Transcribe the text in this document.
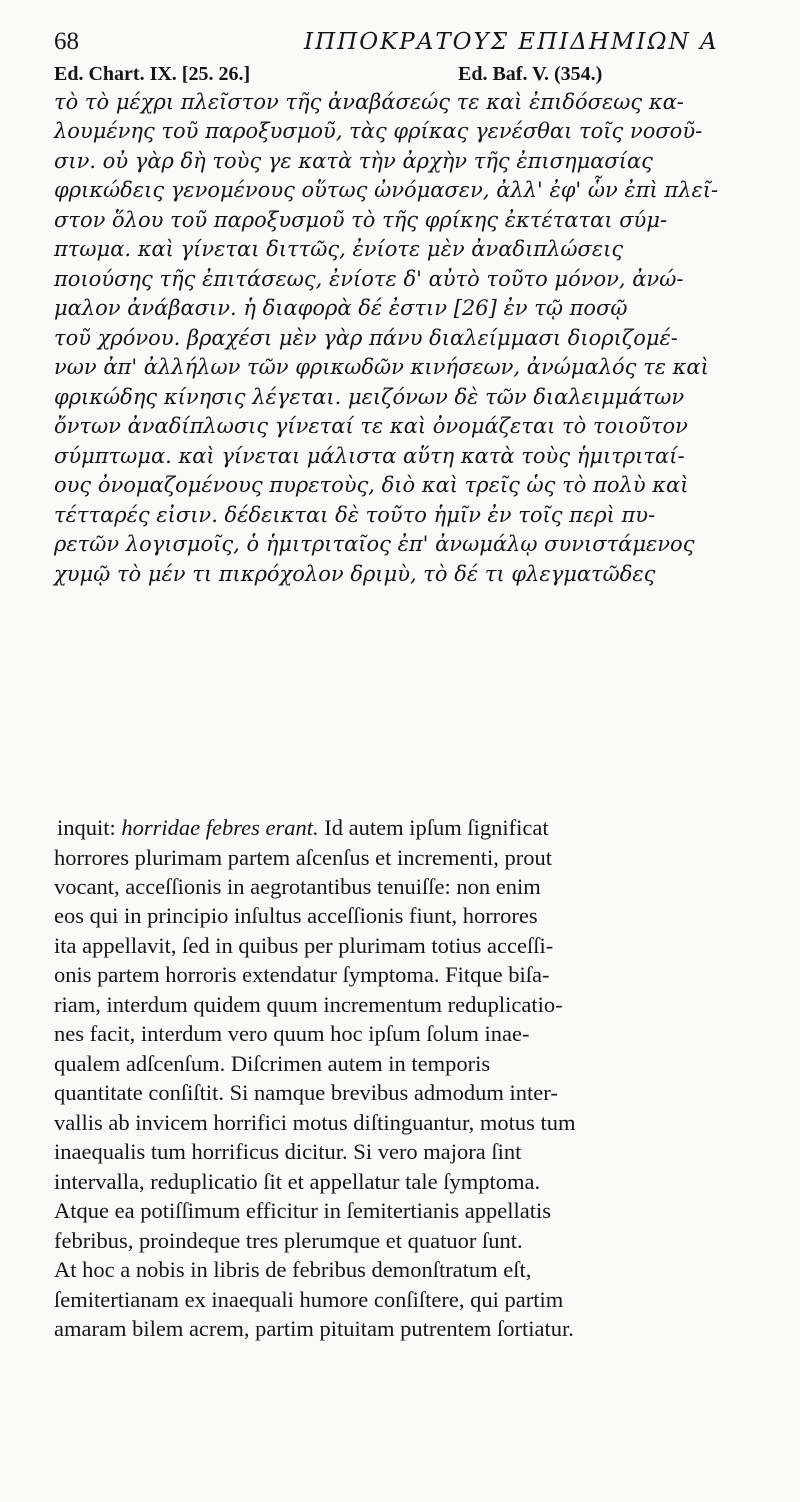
68	ΙΠΠΟΚΡΑΤΟΥΣ ΕΠΙΔΗΜΙΩΝ Α
Ed. Chart. IX. [25. 26.]	Ed. Baf. V. (354.)
τὸ τὸ μέχρι πλεῖστον τῆς ἀναβάσεώς τε καὶ ἐπιδόσεως κα-
λουμένης τοῦ παροξυσμοῦ, τὰς φρίκας γενέσθαι τοῖς νοσοῦ-
σιν. οὐ γὰρ δὴ τοὺς γε κατὰ τὴν ἀρχὴν τῆς ἐπισημασίας
φρικώδεις γενομένους οὕτως ὠνόμασεν, ἀλλ' ἐφ' ὧν ἐπὶ πλεῖ-
στον ὅλου τοῦ παροξυσμοῦ τὸ τῆς φρίκης ἐκτέταται σύμ-
πτωμα. καὶ γίνεται διττῶς, ἐνίοτε μὲν ἀναδιπλώσεις
ποιούσης τῆς ἐπιτάσεως, ἐνίοτε δ' αὐτὸ τοῦτο μόνον, ἀνώ-
μαλον ἀνάβασιν. ἡ διαφορὰ δέ ἐστιν [26] ἐν τῷ ποσῷ
τοῦ χρόνου. βραχέσι μὲν γὰρ πάνυ διαλείμμασι διοριζομέ-
νων ἀπ' ἀλλήλων τῶν φρικωδῶν κινήσεων, ἀνώμαλός τε καὶ
φρικώδης κίνησις λέγεται. μειζόνων δὲ τῶν διαλειμμάτων
ὄντων ἀναδίπλωσις γίνεταί τε καὶ ὀνομάζεται τὸ τοιοῦτον
σύμπτωμα. καὶ γίνεται μάλιστα αὕτη κατὰ τοὺς ἡμιτριταί-
ους ὀνομαζομένους πυρετοὺς, διὸ καὶ τρεῖς ὡς τὸ πολὺ καὶ
τέτταρές εἰσιν. δέδεικται δὲ τοῦτο ἡμῖν ἐν τοῖς περὶ πυ-
ρετῶν λογισμοῖς, ὁ ἡμιτριταῖος ἐπ' ἀνωμάλῳ συνιστάμενος
χυμῷ τὸ μέν τι πικρόχολον δριμὺ, τὸ δέ τι φλεγματῶδες
inquit: horridae febres erant. Id autem ipſum ſignificat
horrores plurimam partem aſcenſus et incrementi, prout
vocant, acceſſionis in aegrotantibus tenuiſſe: non enim
eos qui in principio inſultus acceſſionis fiunt, horrores
ita appellavit, ſed in quibus per plurimam totius acceſſi-
onis partem horroris extendatur ſymptoma. Fitque biſa-
riam, interdum quidem quum incrementum reduplicatio-
nes facit, interdum vero quum hoc ipſum ſolum inae-
qualem adſcenſum. Diſcrimen autem in temporis
quantitate conſiſtit. Si namque brevibus admodum inter-
vallis ab invicem horrifici motus diſtinguantur, motus tum
inaequalis tum horrificus dicitur. Si vero majora ſint
intervalla, reduplicatio ſit et appellatur tale ſymptoma.
Atque ea potiſſimum efficitur in ſemitertianis appellatis
febribus, proindeque tres plerumque et quatuor ſunt.
At hoc a nobis in libris de febribus demonſtratum eſt,
ſemitertianam ex inaequali humore conſiſtere, qui partim
amaram bilem acrem, partim pituitam putrentem ſortiatur.
